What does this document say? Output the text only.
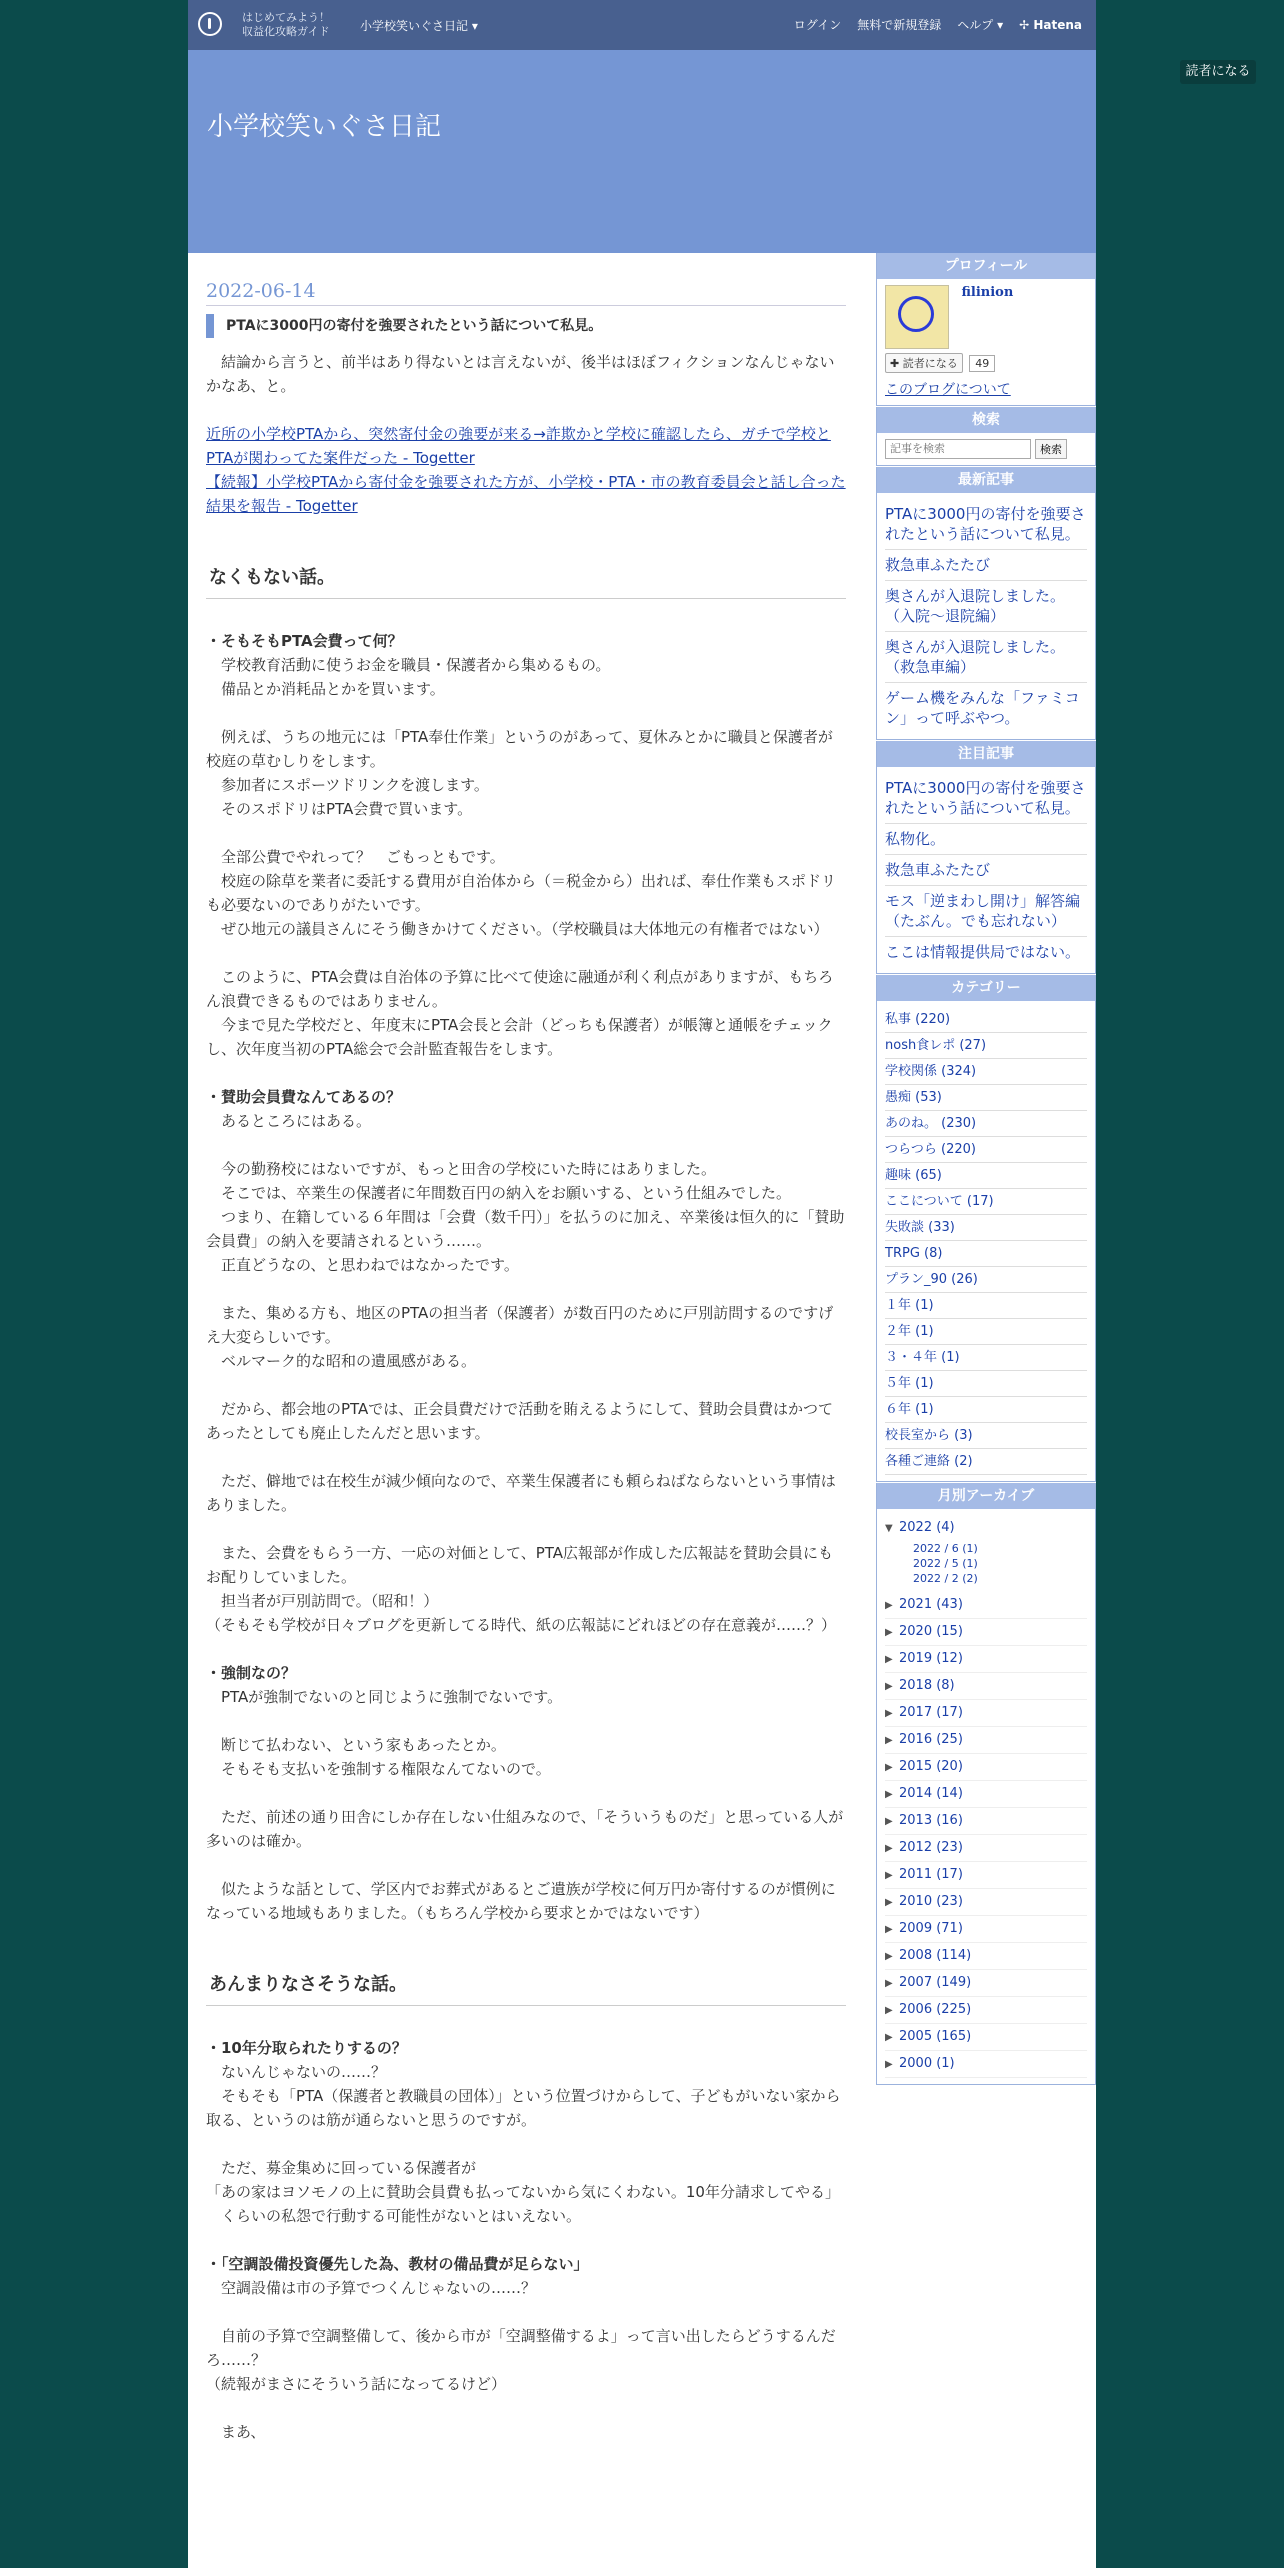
はじめてみよう！
収益化攻略ガイド	小学校笑いぐさ日記 ▾	ログイン 無料で新規登録 ヘルプ ▾ ✢ Hatena
読者になる
小学校笑いぐさ日記
2022-06-14
PTAに3000円の寄付を強要されたという話について私見。

　結論から言うと、前半はあり得ないとは言えないが、後半はほぼフィクションなんじゃないかなあ、と。

近所の小学校PTAから、突然寄付金の強要が来る→詐欺かと学校に確認したら、ガチで学校とPTAが関わってた案件だった - Togetter
【続報】小学校PTAから寄付金を強要された方が、小学校・PTA・市の教育委員会と話し合った結果を報告 - Togetter
なくもない話。

・そもそもPTA会費って何？

　学校教育活動に使うお金を職員・保護者から集めるもの。
　備品とか消耗品とかを買います。

　例えば、うちの地元には「PTA奉仕作業」というのがあって、夏休みとかに職員と保護者が校庭の草むしりをします。
　参加者にスポーツドリンクを渡します。
　そのスポドリはPTA会費で買います。

　全部公費でやれって？　ごもっともです。
　校庭の除草を業者に委託する費用が自治体から（＝税金から）出れば、奉仕作業もスポドリも必要ないのでありがたいです。
　ぜひ地元の議員さんにそう働きかけてください。（学校職員は大体地元の有権者ではない）

　このように、PTA会費は自治体の予算に比べて使途に融通が利く利点がありますが、もちろん浪費できるものではありません。
　今まで見た学校だと、年度末にPTA会長と会計（どっちも保護者）が帳簿と通帳をチェックし、次年度当初のPTA総会で会計監査報告をします。

・賛助会員費なんてあるの？

　あるところにはある。

　今の勤務校にはないですが、もっと田舎の学校にいた時にはありました。
　そこでは、卒業生の保護者に年間数百円の納入をお願いする、という仕組みでした。
　つまり、在籍している６年間は「会費（数千円）」を払うのに加え、卒業後は恒久的に「賛助会員費」の納入を要請されるという……。
　正直どうなの、と思わねではなかったです。

　また、集める方も、地区のPTAの担当者（保護者）が数百円のために戸別訪問するのですげえ大変らしいです。
　ベルマーク的な昭和の遺風感がある。

　だから、都会地のPTAでは、正会員費だけで活動を賄えるようにして、賛助会員費はかつてあったとしても廃止したんだと思います。

　ただ、僻地では在校生が減少傾向なので、卒業生保護者にも頼らねばならないという事情はありました。

　また、会費をもらう一方、一応の対価として、PTA広報部が作成した広報誌を賛助会員にもお配りしていました。
　担当者が戸別訪問で。（昭和！）
（そもそも学校が日々ブログを更新してる時代、紙の広報誌にどれほどの存在意義が……？）

・強制なの？

　PTAが強制でないのと同じように強制でないです。

　断じて払わない、という家もあったとか。
　そもそも支払いを強制する権限なんてないので。

　ただ、前述の通り田舎にしか存在しない仕組みなので、「そういうものだ」と思っている人が多いのは確か。

　似たような話として、学区内でお葬式があるとご遺族が学校に何万円か寄付するのが慣例になっている地域もありました。（もちろん学校から要求とかではないです）

あんまりなさそうな話。

・10年分取られたりするの？

　ないんじゃないの……？
　そもそも「PTA（保護者と教職員の団体）」という位置づけからして、子どもがいない家から取る、というのは筋が通らないと思うのですが。

　ただ、募金集めに回っている保護者が
「あの家はヨソモノの上に賛助会員費も払ってないから気にくわない。10年分請求してやる」
　くらいの私怨で行動する可能性がないとはいえない。

・「空調設備投資優先した為、教材の備品費が足らない」

　空調設備は市の予算でつくんじゃないの……？

　自前の予算で空調整備して、後から市が「空調整備するよ」って言い出したらどうするんだろ……？
（続報がまさにそういう話になってるけど）

　まあ、

プロフィール
filinion
✚ 読者になる 49
このブログについて
検索
記事を検索
検索
最新記事
PTAに3000円の寄付を強要されたという話について私見。
救急車ふたたび
奥さんが入退院しました。（入院～退院編）
奥さんが入退院しました。（救急車編）
ゲーム機をみんな「ファミコン」って呼ぶやつ。
注目記事
PTAに3000円の寄付を強要されたという話について私見。
私物化。
救急車ふたたび
モス「逆まわし開け」解答編（たぶん。でも忘れない）
ここは情報提供局ではない。
カテゴリー
私事 (220)
nosh食レポ (27)
学校関係 (324)
愚痴 (53)
あのね。 (230)
つらつら (220)
趣味 (65)
ここについて (17)
失敗談 (33)
TRPG (8)
プラン_90 (26)
１年 (1)
２年 (1)
３・４年 (1)
５年 (1)
６年 (1)
校長室から (3)
各種ご連絡 (2)
月別アーカイブ
▼ 2022 (4)
2022 / 6 (1)
2022 / 5 (1)
2022 / 2 (2)
▶ 2021 (43)
▶ 2020 (15)
▶ 2019 (12)
▶ 2018 (8)
▶ 2017 (17)
▶ 2016 (25)
▶ 2015 (20)
▶ 2014 (14)
▶ 2013 (16)
▶ 2012 (23)
▶ 2011 (17)
▶ 2010 (23)
▶ 2009 (71)
▶ 2008 (114)
▶ 2007 (149)
▶ 2006 (225)
▶ 2005 (165)
▶ 2000 (1)
